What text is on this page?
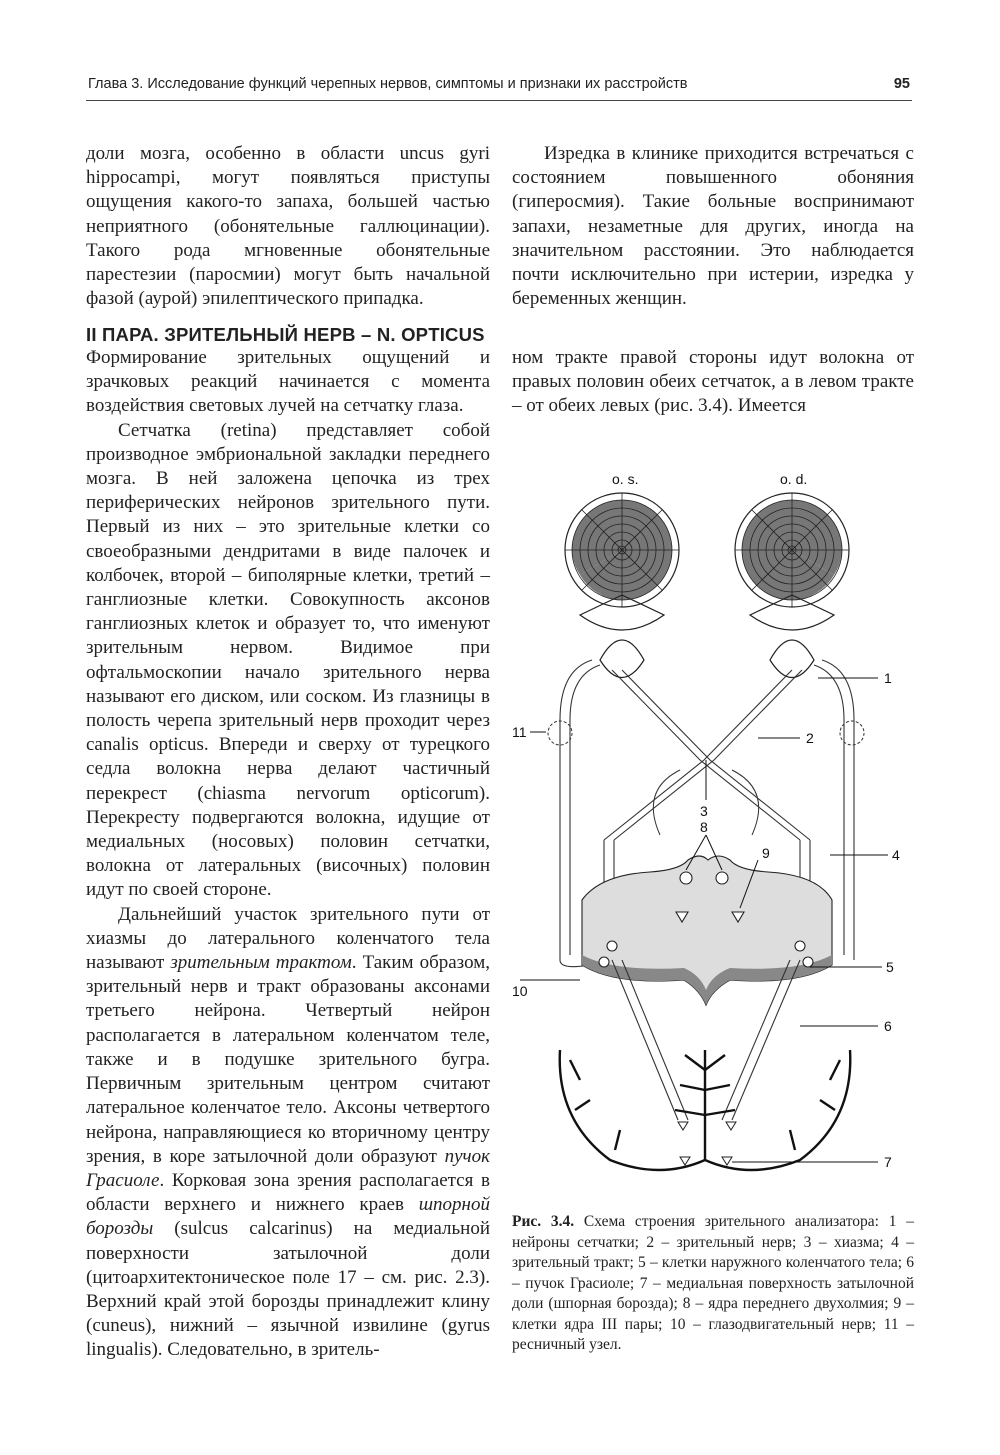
Глава 3. Исследование функций черепных нервов, симптомы и признаки их расстройств	95

доли мозга, особенно в области uncus gyri hippocampi, могут появляться приступы ощущения какого-то запаха, большей частью неприятного (обонятельные галлюцинации). Такого рода мгновенные обонятельные парестезии (паросмии) могут быть начальной фазой (аурой) эпилептического припадка.

Изредка в клинике приходится встречаться с состоянием повышенного обоняния (гиперосмия). Такие больные воспринимают запахи, незаметные для других, иногда на значительном расстоянии. Это наблюдается почти исключительно при истерии, изредка у беременных женщин.

II ПАРА. ЗРИТЕЛЬНЫЙ НЕРВ – N. OPTICUS

Формирование зрительных ощущений и зрачковых реакций начинается с момента воздействия световых лучей на сетчатку глаза.

Сетчатка (retina) представляет собой производное эмбриональной закладки переднего мозга. В ней заложена цепочка из трех периферических нейронов зрительного пути. Первый из них – это зрительные клетки со своеобразными дендритами в виде палочек и колбочек, второй – биполярные клетки, третий – ганглиозные клетки. Совокупность аксонов ганглиозных клеток и образует то, что именуют зрительным нервом. Видимое при офтальмоскопии начало зрительного нерва называют его диском, или соском. Из глазницы в полость черепа зрительный нерв проходит через canalis opticus. Впереди и сверху от турецкого седла волокна нерва делают частичный перекрест (chiasma nervorum opticorum). Перекресту подвергаются волокна, идущие от медиальных (носовых) половин сетчатки, волокна от латеральных (височных) половин идут по своей стороне.

Дальнейший участок зрительного пути от хиазмы до латерального коленчатого тела называют зрительным трактом. Таким образом, зрительный нерв и тракт образованы аксонами третьего нейрона. Четвертый нейрон располагается в латеральном коленчатом теле, также и в подушке зрительного бугра. Первичным зрительным центром считают латеральное коленчатое тело. Аксоны четвертого нейрона, направляющиеся ко вторичному центру зрения, в коре затылочной доли образуют пучок Грасиоле. Корковая зона зрения располагается в области верхнего и нижнего краев шпорной борозды (sulcus calcarinus) на медиальной поверхности затылочной доли (цитоархитектоническое поле 17 – см. рис. 2.3). Верхний край этой борозды принадлежит клину (cuneus), нижний – язычной извилине (gyrus lingualis). Следовательно, в зритель-

ном тракте правой стороны идут волокна от правых половин обеих сетчаток, а в левом тракте – от обеих левых (рис. 3.4). Имеется

o. s.	o. d.
1
2
3
4
5
6
7
8
9
10
11
Рис. 3.4. Схема строения зрительного анализатора: 1 – нейроны сетчатки; 2 – зрительный нерв; 3 – хиазма; 4 – зрительный тракт; 5 – клетки наружного коленчатого тела; 6 – пучок Грасиоле; 7 – медиальная поверхность затылочной доли (шпорная борозда); 8 – ядра переднего двухолмия; 9 – клетки ядра III пары; 10 – глазодвигательный нерв; 11 – ресничный узел.
